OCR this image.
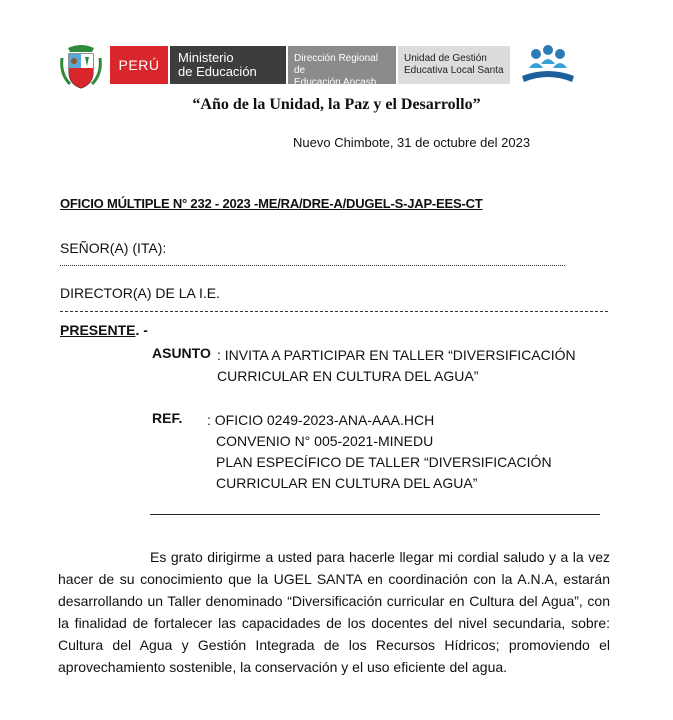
PERÚ Ministerio
de Educación
Dirección Regional de
Educación Ancash
Unidad de Gestión
Educativa Local Santa
“Año de la Unidad, la Paz y el Desarrollo”
Nuevo Chimbote, 31 de octubre del 2023
OFICIO MÚLTIPLE N° 232 - 2023 -ME/RA/DRE-A/DUGEL-S-JAP-EES-CT
SEÑOR(A) (ITA):
DIRECTOR(A) DE LA I.E.
PRESENTE. -
ASUNTO : INVITA A PARTICIPAR EN TALLER “DIVERSIFICACIÓN
CURRICULAR EN CULTURA DEL AGUA”
REF. : OFICIO 0249-2023-ANA-AAA.HCH
CONVENIO N° 005-2021-MINEDU
PLAN ESPECÍFICO DE TALLER “DIVERSIFICACIÓN
CURRICULAR EN CULTURA DEL AGUA”

Es grato dirigirme a usted para hacerle llegar mi cordial saludo y a la vez hacer de su conocimiento que la UGEL SANTA en coordinación con la A.N.A, estarán desarrollando un Taller denominado “Diversificación curricular en Cultura del Agua”, con la finalidad de fortalecer las capacidades de los docentes del nivel secundaria, sobre: Cultura del Agua y Gestión Integrada de los Recursos Hídricos; promoviendo el aprovechamiento sostenible, la conservación y el uso eficiente del agua.
